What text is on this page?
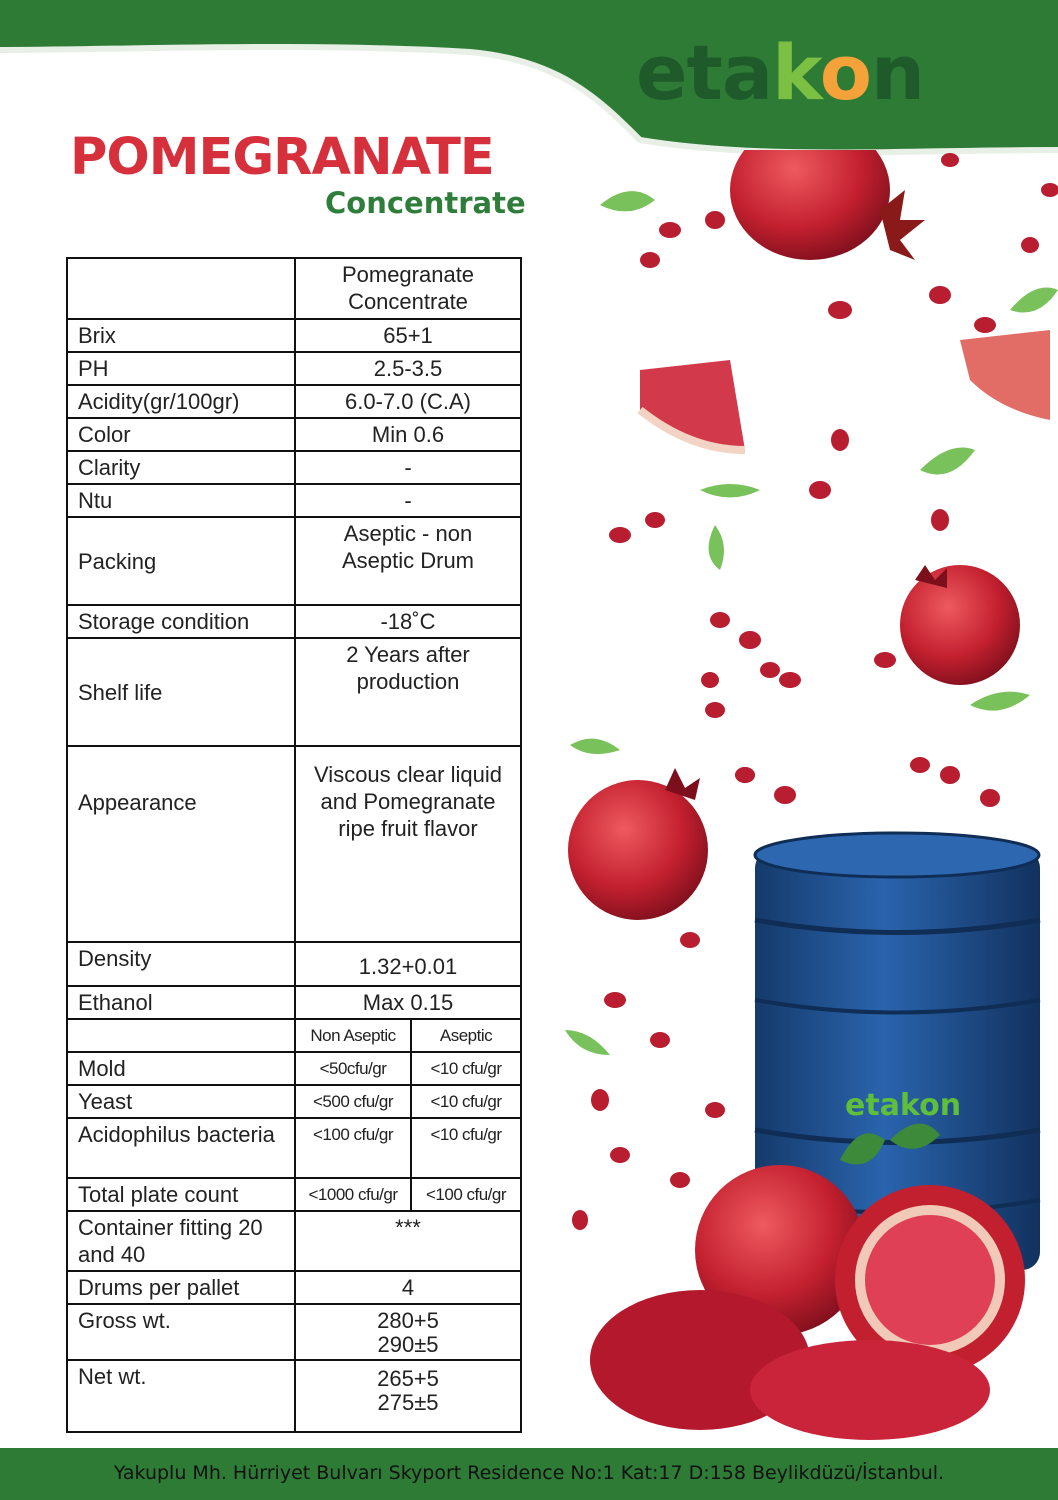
etakon
POMEGRANATE
Concentrate
	Pomegranate Concentrate	
Brix	65+1	
PH	2.5-3.5	
Acidity(gr/100gr)	6.0-7.0 (C.A)	
Color	Min 0.6	
Clarity	-	
Ntu	-	
Packing	Aseptic - non Aseptic Drum	
Storage condition	-18˚C	
Shelf life	2 Years after production	
Appearance	Viscous clear liquid and Pomegranate ripe fruit flavor	
Density	1.32+0.01	
Ethanol	Max 0.15	
	Non Aseptic	Aseptic
Mold	<50cfu/gr	<10 cfu/gr
Yeast	<500 cfu/gr	<10 cfu/gr
Acidophilus bacteria	<100 cfu/gr	<10 cfu/gr
Total plate count	<1000 cfu/gr	<100 cfu/gr
Container fitting 20 and 40	***	
Drums per pallet	4	
Gross wt.	280+5
290±5	

Net wt.	265+5
275±5	
etakon
Yakuplu Mh. Hürriyet Bulvarı Skyport Residence No:1 Kat:17 D:158 Beylikdüzü/İstanbul.
